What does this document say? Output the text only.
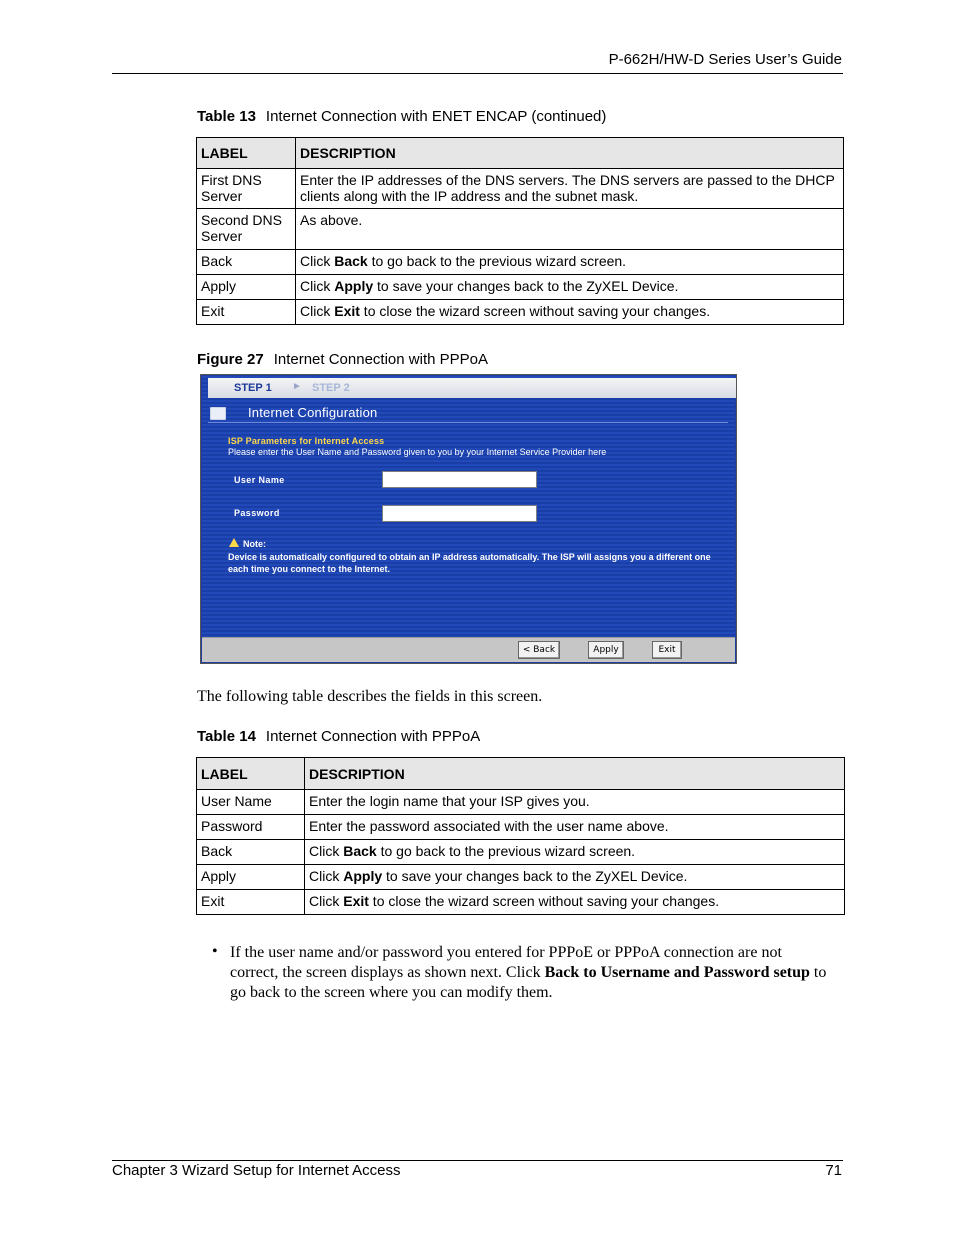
P-662H/HW-D Series User’s Guide
Table 13 Internet Connection with ENET ENCAP (continued)
LABEL	DESCRIPTION
First DNS Server	Enter the IP addresses of the DNS servers. The DNS servers are passed to the DHCP clients along with the IP address and the subnet mask.
Second DNS Server	As above.
Back	Click Back to go back to the previous wizard screen.
Apply	Click Apply to save your changes back to the ZyXEL Device.
Exit	Click Exit to close the wizard screen without saving your changes.
Figure 27 Internet Connection with PPPoA
STEP 1 ► STEP 2
Internet Configuration
ISP Parameters for Internet Access
Please enter the User Name and Password given to you by your Internet Service Provider here
User Name
Password
Note:
Device is automatically configured to obtain an IP address automatically. The ISP will assigns you a different one each time you connect to the Internet.
< Back	Apply	Exit
The following table describes the fields in this screen.
Table 14 Internet Connection with PPPoA
LABEL	DESCRIPTION
User Name	Enter the login name that your ISP gives you.
Password	Enter the password associated with the user name above.
Back	Click Back to go back to the previous wizard screen.
Apply	Click Apply to save your changes back to the ZyXEL Device.
Exit	Click Exit to close the wizard screen without saving your changes.
• If the user name and/or password you entered for PPPoE or PPPoA connection are not correct, the screen displays as shown next. Click Back to Username and Password setup to go back to the screen where you can modify them.
Chapter 3 Wizard Setup for Internet Access	71
